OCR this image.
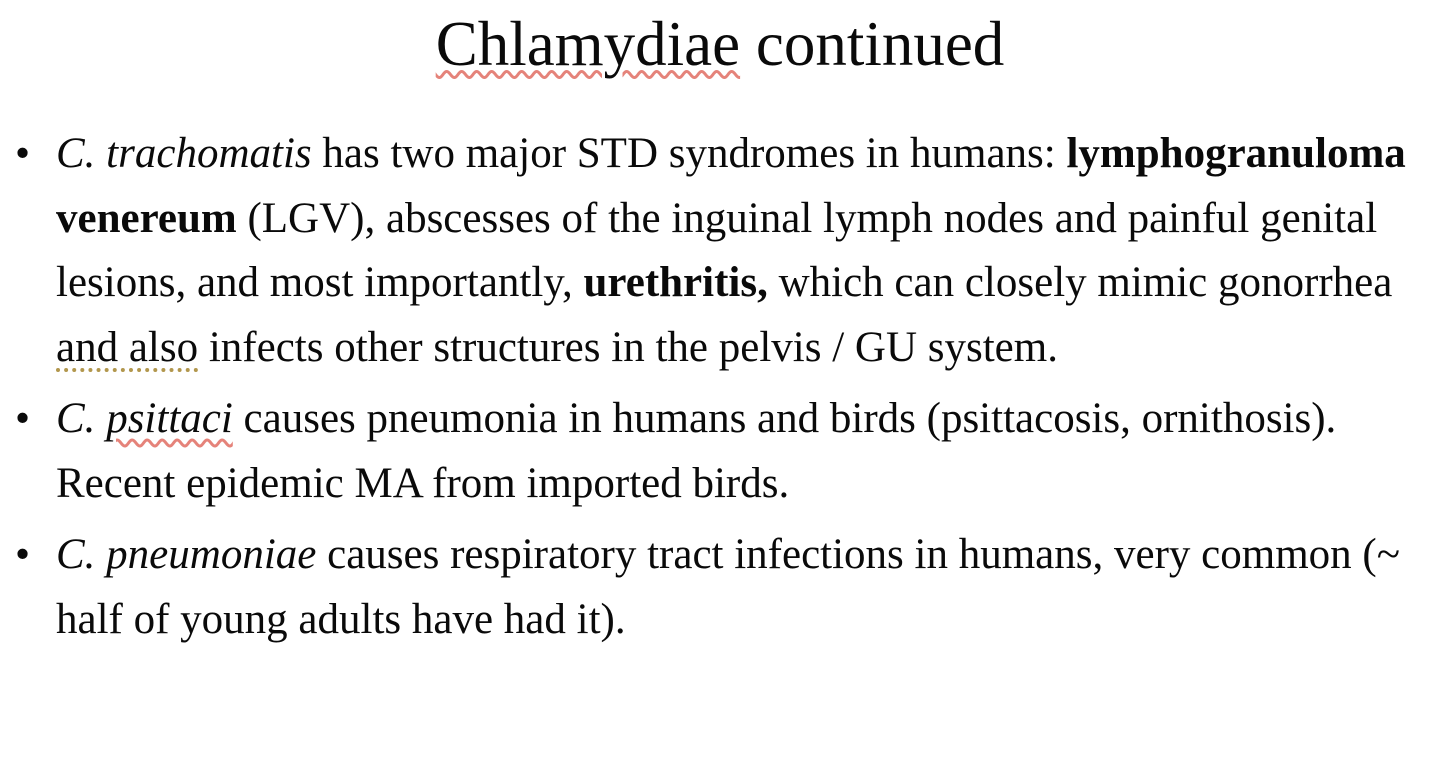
Chlamydiae continued
• C. trachomatis has two major STD syndromes in humans: lymphogranuloma venereum (LGV), abscesses of the inguinal lymph nodes and painful genital lesions, and most importantly, urethritis, which can closely mimic gonorrhea and also infects other structures in the pelvis / GU system.
• C. psittaci causes pneumonia in humans and birds (psittacosis, ornithosis). Recent epidemic MA from imported birds.
• C. pneumoniae causes respiratory tract infections in humans, very common (~ half of young adults have had it).
